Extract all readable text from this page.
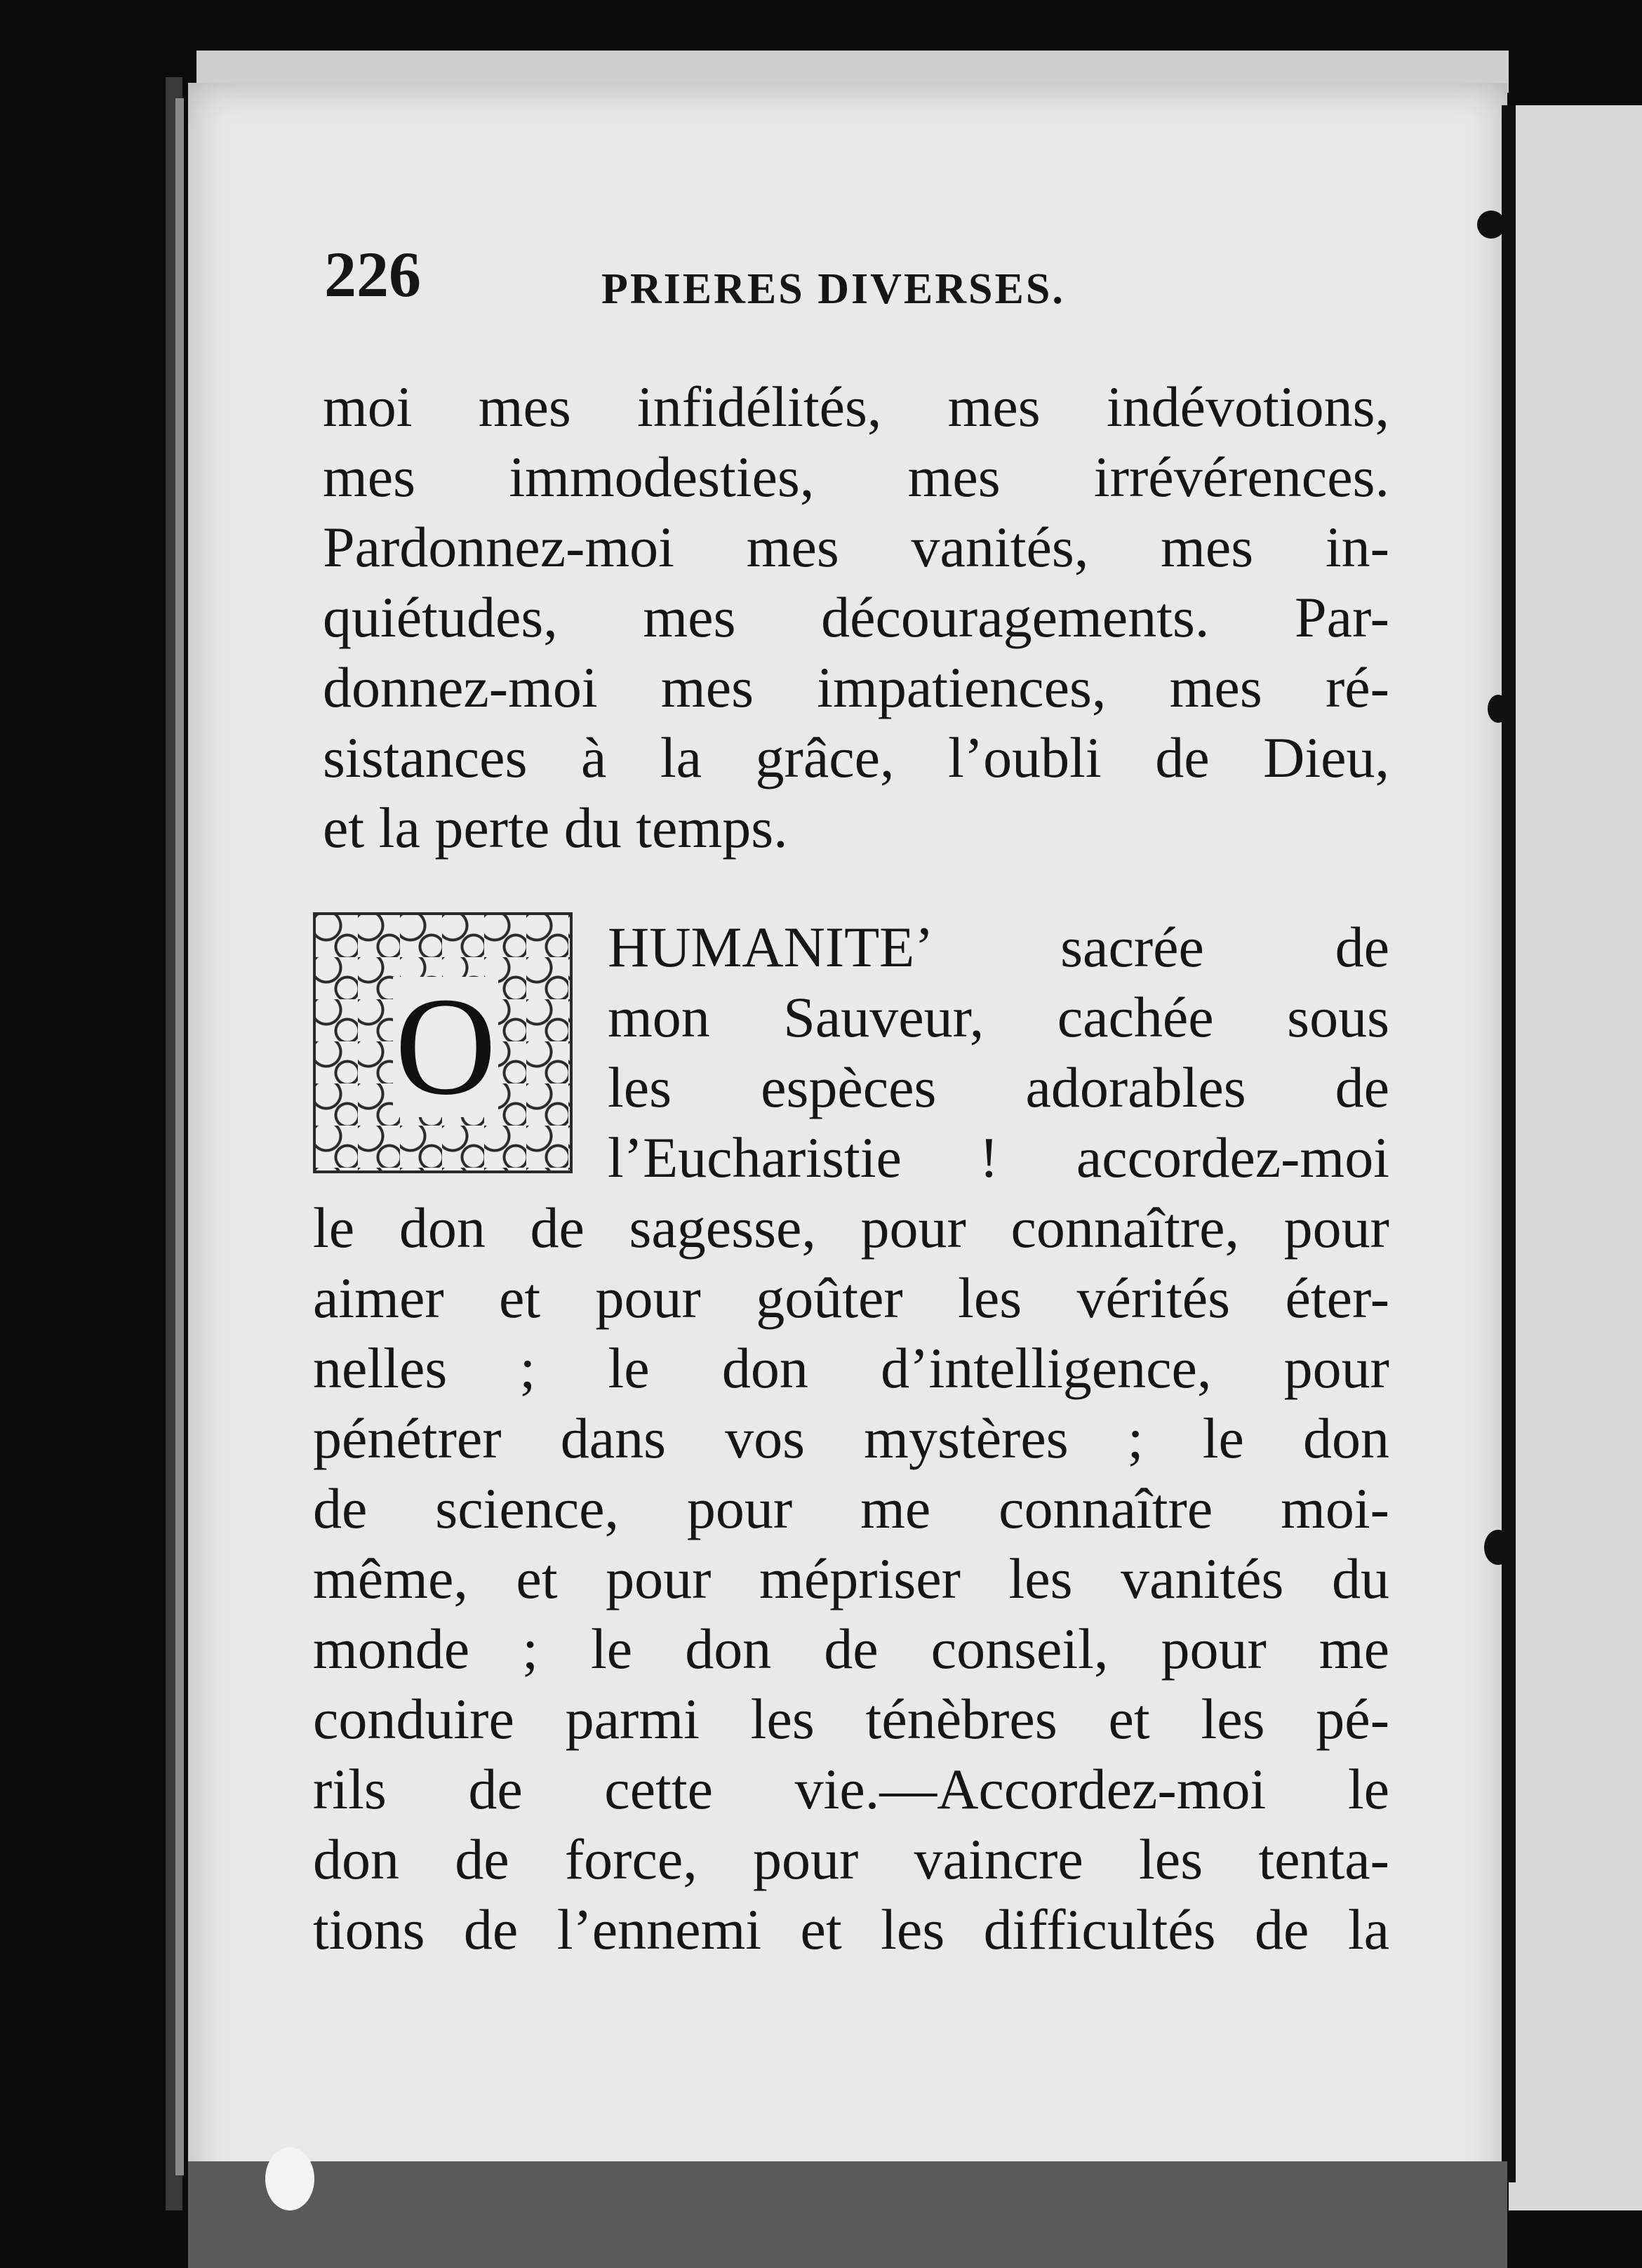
226	PRIERES DIVERSES.
moi mes infidélités, mes indévotions,
mes immodesties, mes irrévérences.
Pardonnez-moi mes vanités, mes in-
quiétudes, mes découragements. Par-
donnez-moi mes impatiences, mes ré-
sistances à la grâce, l’oubli de Dieu,
et la perte du temps.
O
HUMANITE’ sacrée de
mon Sauveur, cachée sous
les espèces adorables de
l’Eucharistie ! accordez-moi
le don de sagesse, pour connaître, pour
aimer et pour goûter les vérités éter-
nelles ; le don d’intelligence, pour
pénétrer dans vos mystères ; le don
de science, pour me connaître moi-
même, et pour mépriser les vanités du
monde ; le don de conseil, pour me
conduire parmi les ténèbres et les pé-
rils de cette vie.—Accordez-moi le
don de force, pour vaincre les tenta-
tions de l’ennemi et les difficultés de la
